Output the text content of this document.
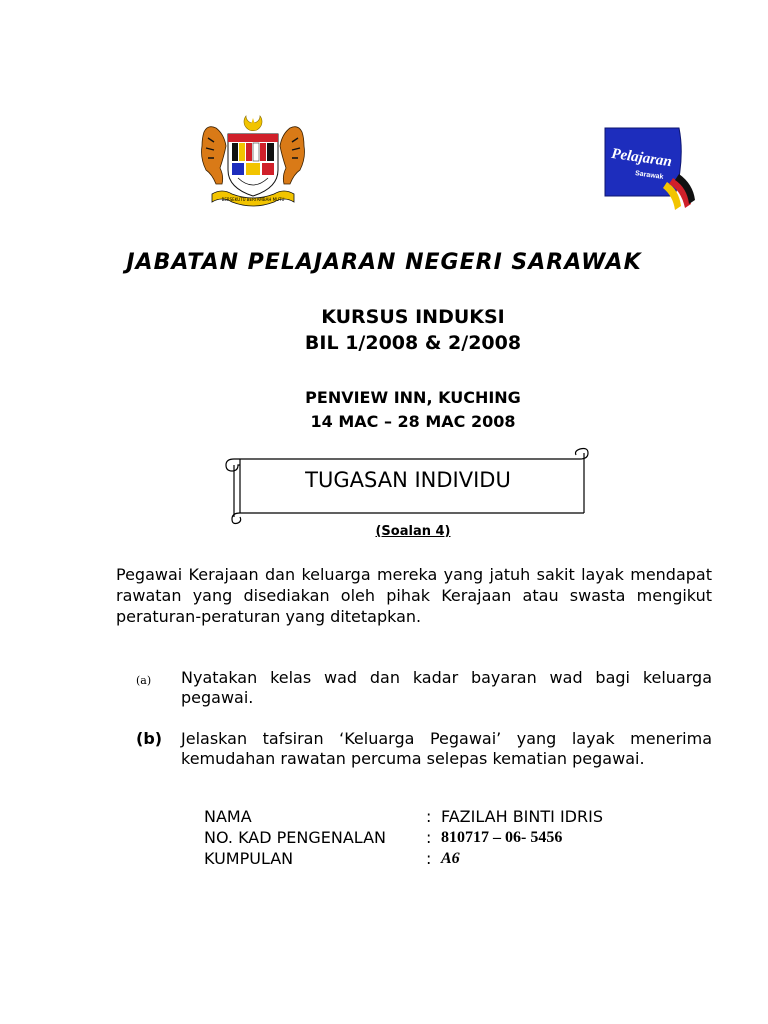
BERSEKUTU BERTAMBAH MUTU
Pelajaran
Sarawak
JABATAN PELAJARAN NEGERI SARAWAK
KURSUS INDUKSI
BIL 1/2008 & 2/2008
PENVIEW INN, KUCHING
14 MAC – 28 MAC 2008
TUGASAN INDIVIDU
(Soalan 4)
Pegawai Kerajaan dan keluarga mereka yang jatuh sakit layak mendapat rawatan yang disediakan oleh pihak Kerajaan atau swasta mengikut peraturan-peraturan yang ditetapkan.
(a) Nyatakan kelas wad dan kadar bayaran wad bagi keluarga pegawai.
(b) Jelaskan tafsiran ‘Keluarga Pegawai’ yang layak menerima kemudahan rawatan percuma selepas kematian pegawai.
NAMA	: FAZILAH BINTI IDRIS
NO. KAD PENGENALAN	: 810717 – 06- 5456
KUMPULAN	: A6
